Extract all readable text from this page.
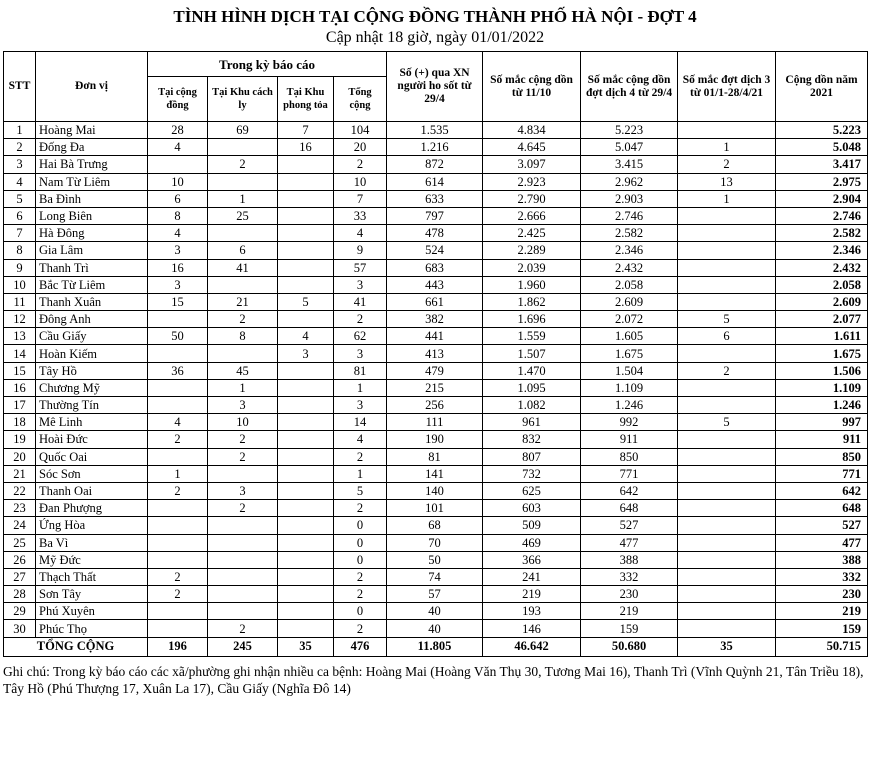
TÌNH HÌNH DỊCH TẠI CỘNG ĐỒNG THÀNH PHỐ HÀ NỘI - ĐỢT 4
Cập nhật 18 giờ, ngày 01/01/2022
STT	Đơn vị	Trong kỳ báo cáo				Số (+) qua XN người ho sốt từ 29/4	Số mắc cộng dồn từ 11/10	Số mắc cộng dồn đợt dịch 4 từ 29/4	Số mắc đợt dịch 3 từ 01/1-28/4/21	Cộng dồn năm 2021
		Tại cộng đồng	Tại Khu cách ly	Tại Khu phong tỏa	Tổng cộng					
1	Hoàng Mai	28	69	7	104	1.535	4.834	5.223		5.223
2	Đống Đa	4		16	20	1.216	4.645	5.047	1	5.048
3	Hai Bà Trưng		2		2	872	3.097	3.415	2	3.417
4	Nam Từ Liêm	10			10	614	2.923	2.962	13	2.975
5	Ba Đình	6	1		7	633	2.790	2.903	1	2.904
6	Long Biên	8	25		33	797	2.666	2.746		2.746
7	Hà Đông	4			4	478	2.425	2.582		2.582
8	Gia Lâm	3	6		9	524	2.289	2.346		2.346
9	Thanh Trì	16	41		57	683	2.039	2.432		2.432
10	Bắc Từ Liêm	3			3	443	1.960	2.058		2.058
11	Thanh Xuân	15	21	5	41	661	1.862	2.609		2.609
12	Đông Anh		2		2	382	1.696	2.072	5	2.077
13	Cầu Giấy	50	8	4	62	441	1.559	1.605	6	1.611
14	Hoàn Kiếm			3	3	413	1.507	1.675		1.675
15	Tây Hồ	36	45		81	479	1.470	1.504	2	1.506
16	Chương Mỹ		1		1	215	1.095	1.109		1.109
17	Thường Tín		3		3	256	1.082	1.246		1.246
18	Mê Linh	4	10		14	111	961	992	5	997
19	Hoài Đức	2	2		4	190	832	911		911
20	Quốc Oai		2		2	81	807	850		850
21	Sóc Sơn	1			1	141	732	771		771
22	Thanh Oai	2	3		5	140	625	642		642
23	Đan Phượng		2		2	101	603	648		648
24	Ứng Hòa				0	68	509	527		527
25	Ba Vì				0	70	469	477		477
26	Mỹ Đức				0	50	366	388		388
27	Thạch Thất	2			2	74	241	332		332
28	Sơn Tây	2			2	57	219	230		230
29	Phú Xuyên				0	40	193	219		219
30	Phúc Thọ		2		2	40	146	159		159
TỔNG CỘNG		196	245	35	476	11.805	46.642	50.680	35	50.715
Ghi chú: Trong kỳ báo cáo các xã/phường ghi nhận nhiều ca bệnh: Hoàng Mai (Hoàng Văn Thụ 30, Tương Mai 16), Thanh Trì (Vĩnh Quỳnh 21, Tân Triều 18), Tây Hồ (Phú Thượng 17, Xuân La 17), Cầu Giấy (Nghĩa Đô 14)
